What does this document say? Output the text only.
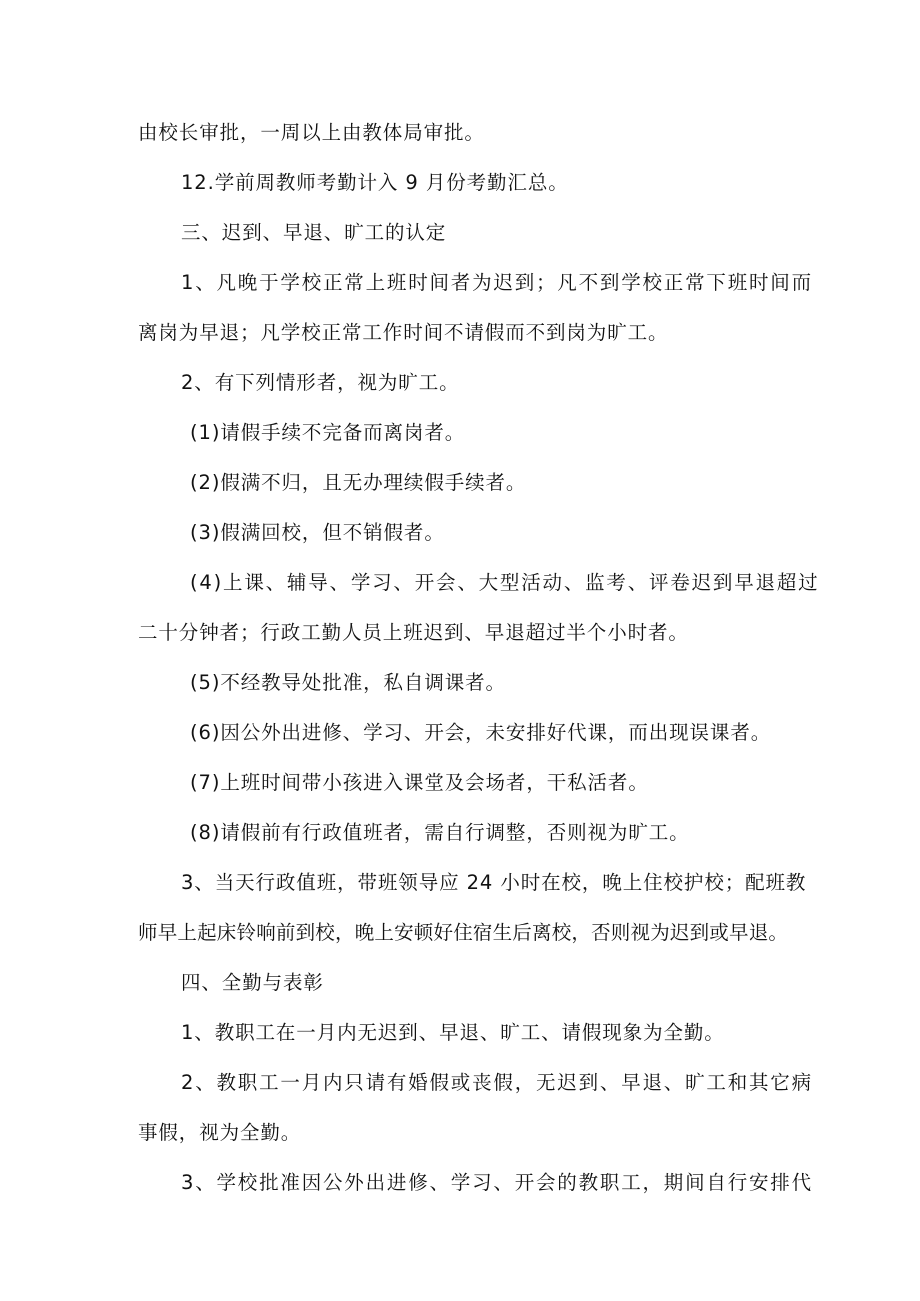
由校长审批，一周以上由教体局审批。
12.学前周教师考勤计入 9 月份考勤汇总。
三、迟到、早退、旷工的认定
1、凡晚于学校正常上班时间者为迟到；凡不到学校正常下班时间而
离岗为早退；凡学校正常工作时间不请假而不到岗为旷工。
2、有下列情形者，视为旷工。
(1)请假手续不完备而离岗者。
(2)假满不归，且无办理续假手续者。
(3)假满回校，但不销假者。
(4)上课、辅导、学习、开会、大型活动、监考、评卷迟到早退超过
二十分钟者；行政工勤人员上班迟到、早退超过半个小时者。
(5)不经教导处批准，私自调课者。
(6)因公外出进修、学习、开会，未安排好代课，而出现误课者。
(7)上班时间带小孩进入课堂及会场者，干私活者。
(8)请假前有行政值班者，需自行调整，否则视为旷工。
3、当天行政值班，带班领导应 24 小时在校，晚上住校护校；配班教
师早上起床铃响前到校，晚上安顿好住宿生后离校，否则视为迟到或早退。
四、全勤与表彰
1、教职工在一月内无迟到、早退、旷工、请假现象为全勤。
2、教职工一月内只请有婚假或丧假，无迟到、早退、旷工和其它病
事假，视为全勤。
3、学校批准因公外出进修、学习、开会的教职工，期间自行安排代
